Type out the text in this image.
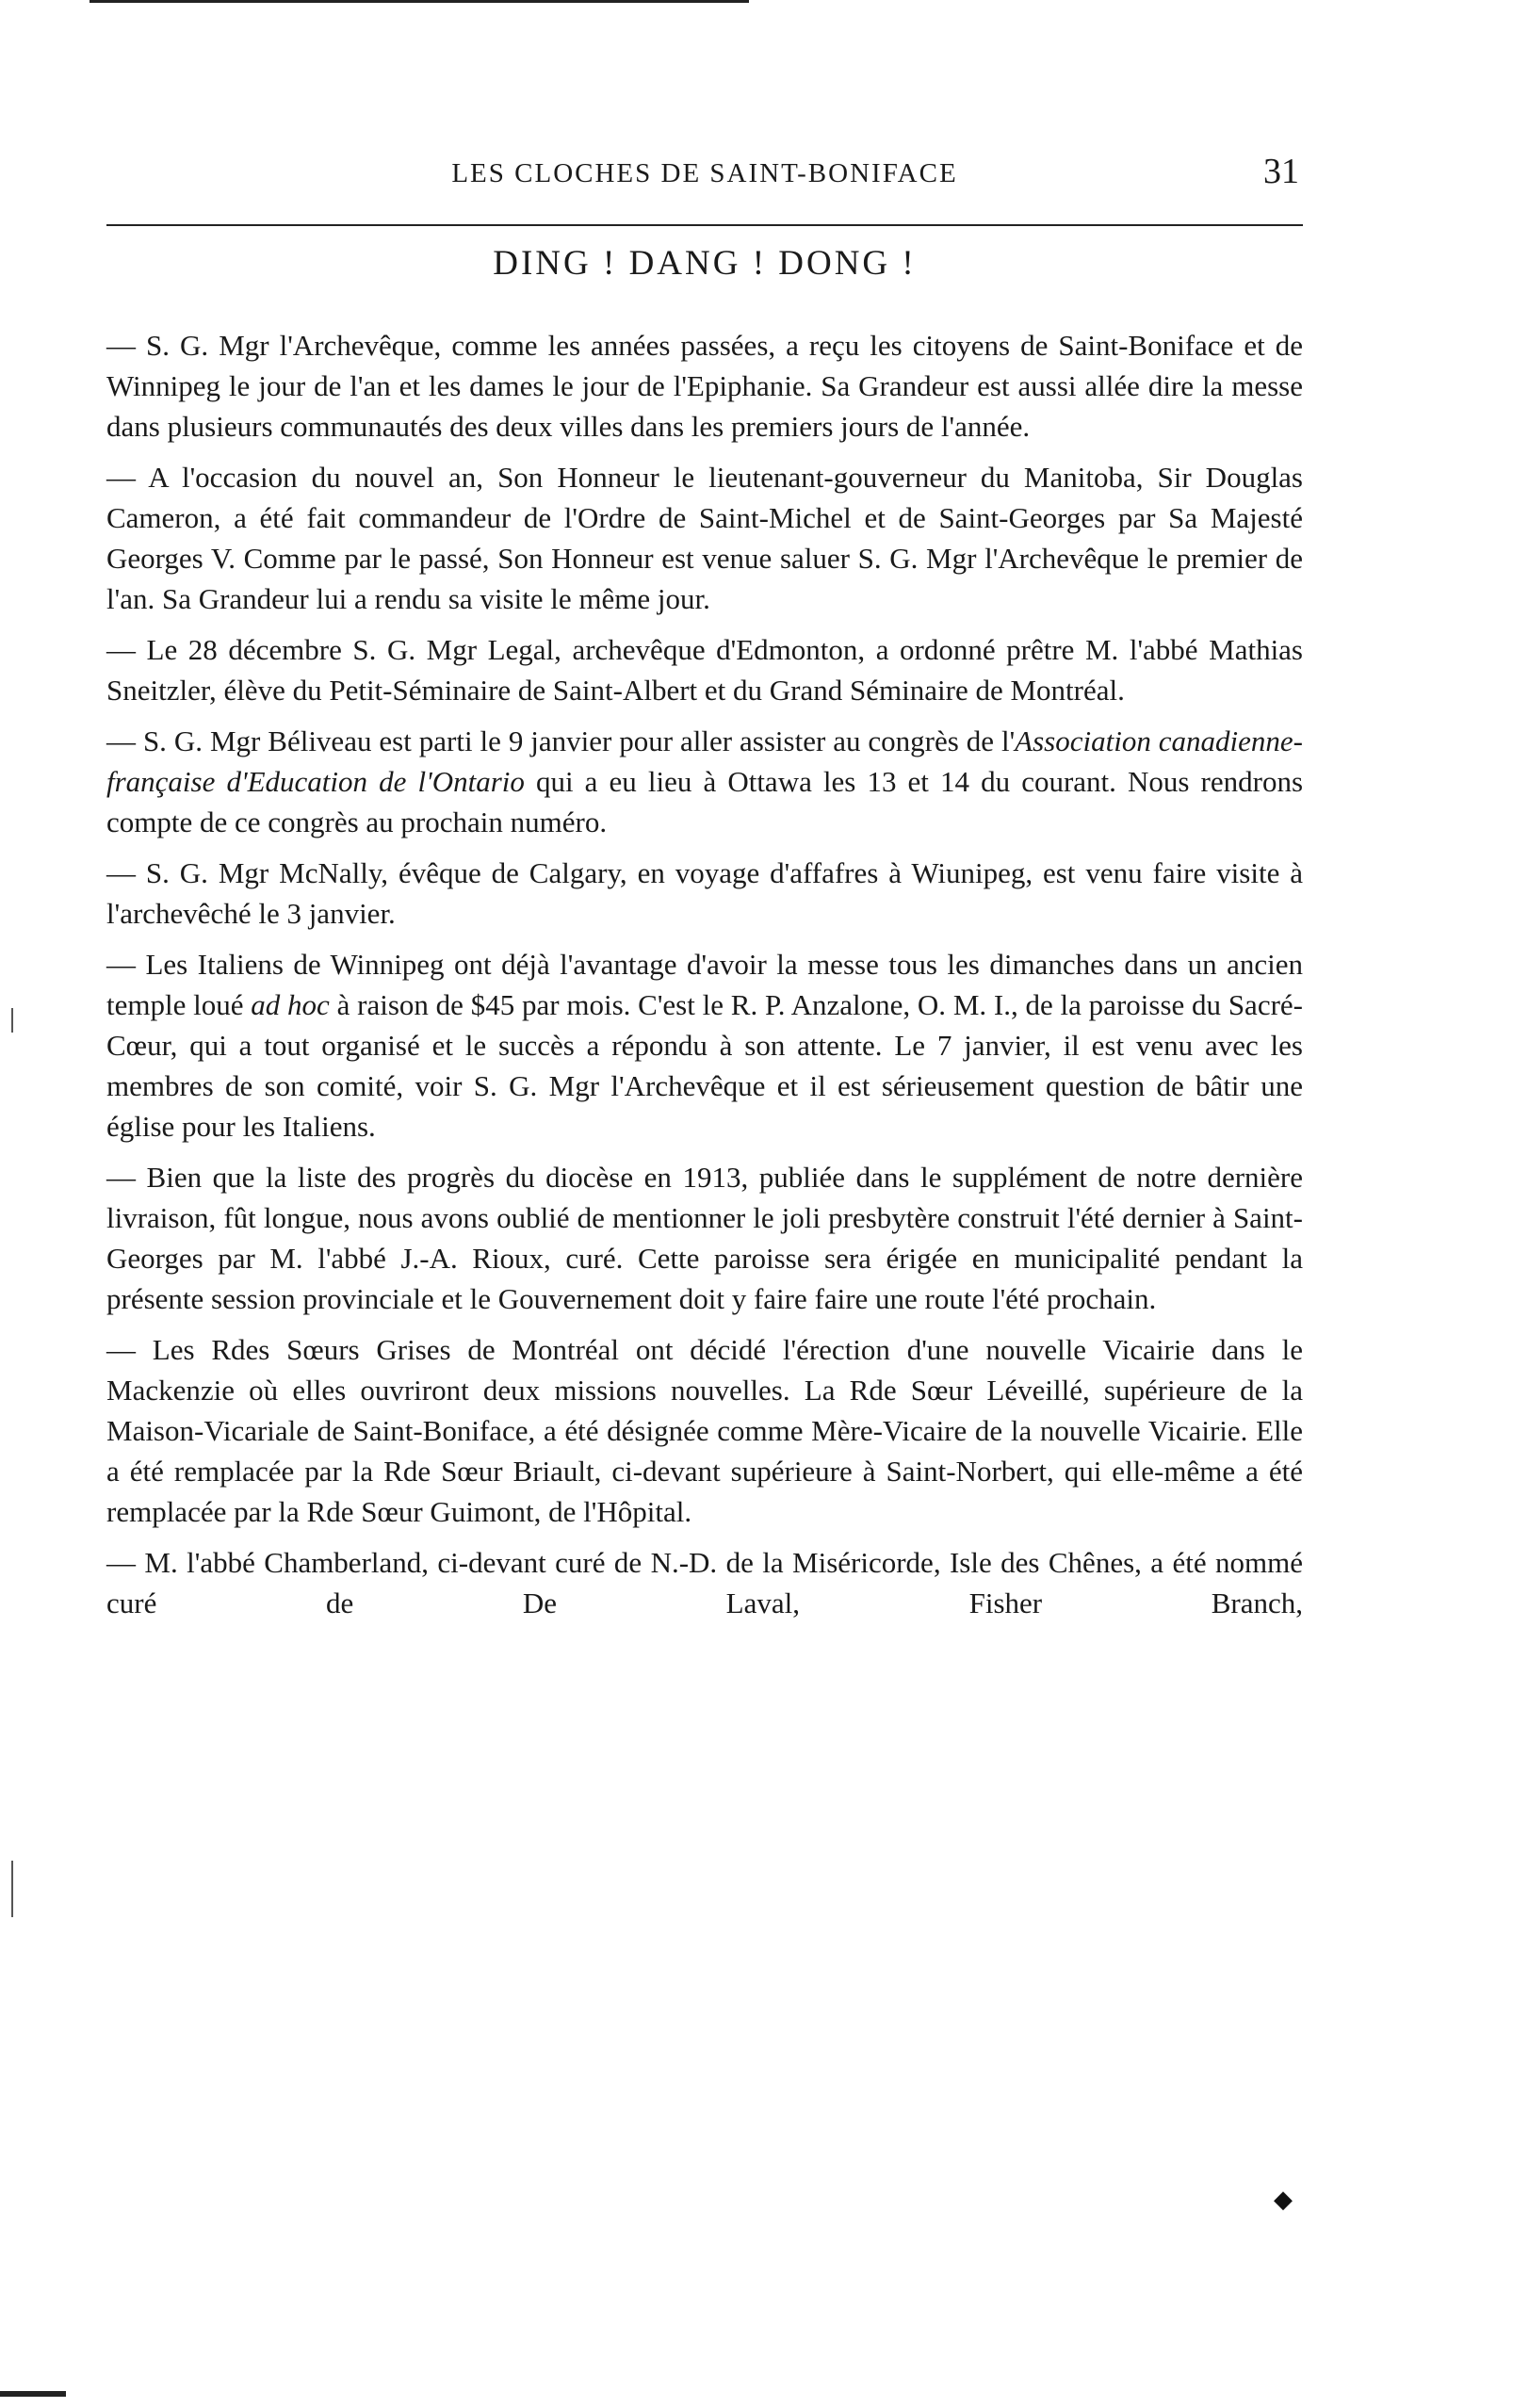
LES CLOCHES DE SAINT-BONIFACE	31
DING ! DANG ! DONG !

— S. G. Mgr l'Archevêque, comme les années passées, a reçu les citoyens de Saint-Boniface et de Winnipeg le jour de l'an et les dames le jour de l'Epiphanie. Sa Grandeur est aussi allée dire la messe dans plusieurs communautés des deux villes dans les premiers jours de l'année.

— A l'occasion du nouvel an, Son Honneur le lieutenant-gouverneur du Manitoba, Sir Douglas Cameron, a été fait commandeur de l'Ordre de Saint-Michel et de Saint-Georges par Sa Majesté Georges V. Comme par le passé, Son Honneur est venue saluer S. G. Mgr l'Archevêque le premier de l'an. Sa Grandeur lui a rendu sa visite le même jour.

— Le 28 décembre S. G. Mgr Legal, archevêque d'Edmonton, a ordonné prêtre M. l'abbé Mathias Sneitzler, élève du Petit-Séminaire de Saint-Albert et du Grand Séminaire de Montréal.

— S. G. Mgr Béliveau est parti le 9 janvier pour aller assister au congrès de l'Association canadienne-française d'Education de l'Ontario qui a eu lieu à Ottawa les 13 et 14 du courant. Nous rendrons compte de ce congrès au prochain numéro.

— S. G. Mgr McNally, évêque de Calgary, en voyage d'affafres à Wiunipeg, est venu faire visite à l'archevêché le 3 janvier.

— Les Italiens de Winnipeg ont déjà l'avantage d'avoir la messe tous les dimanches dans un ancien temple loué ad hoc à raison de $45 par mois. C'est le R. P. Anzalone, O. M. I., de la paroisse du Sacré-Cœur, qui a tout organisé et le succès a répondu à son attente. Le 7 janvier, il est venu avec les membres de son comité, voir S. G. Mgr l'Archevêque et il est sérieusement question de bâtir une église pour les Italiens.

— Bien que la liste des progrès du diocèse en 1913, publiée dans le supplément de notre dernière livraison, fût longue, nous avons oublié de mentionner le joli presbytère construit l'été dernier à Saint-Georges par M. l'abbé J.-A. Rioux, curé. Cette paroisse sera érigée en municipalité pendant la présente session provinciale et le Gouvernement doit y faire faire une route l'été prochain.

— Les Rdes Sœurs Grises de Montréal ont décidé l'érection d'une nouvelle Vicairie dans le Mackenzie où elles ouvriront deux missions nouvelles. La Rde Sœur Léveillé, supérieure de la Maison-Vicariale de Saint-Boniface, a été désignée comme Mère-Vicaire de la nouvelle Vicairie. Elle a été remplacée par la Rde Sœur Briault, ci-devant supérieure à Saint-Norbert, qui elle-même a été remplacée par la Rde Sœur Guimont, de l'Hôpital.

— M. l'abbé Chamberland, ci-devant curé de N.-D. de la Miséricorde, Isle des Chênes, a été nommé curé de De Laval, Fisher Branch,

◆
